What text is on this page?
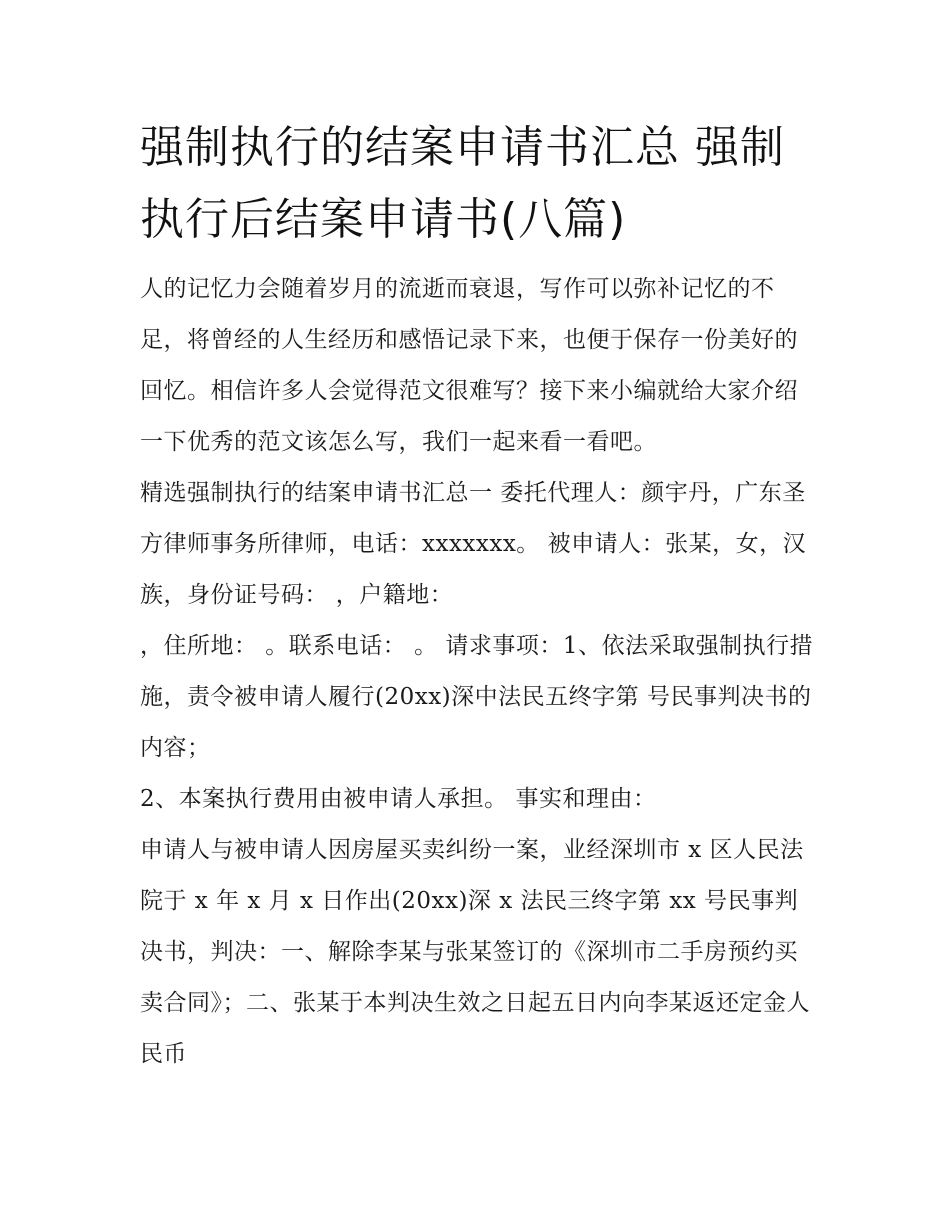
强制执行的结案申请书汇总 强制执行后结案申请书(八篇)

人的记忆力会随着岁月的流逝而衰退，写作可以弥补记忆的不足，将曾经的人生经历和感悟记录下来，也便于保存一份美好的回忆。相信许多人会觉得范文很难写？接下来小编就给大家介绍一下优秀的范文该怎么写，我们一起来看一看吧。

精选强制执行的结案申请书汇总一 委托代理人：颜宇丹，广东圣方律师事务所律师，电话：xxxxxxx。 被申请人：张某，女，汉族，身份证号码： ，户籍地：

，住所地： 。联系电话： 。 请求事项：1、依法采取强制执行措施，责令被申请人履行(20xx)深中法民五终字第 号民事判决书的内容；

2、本案执行费用由被申请人承担。 事实和理由：

申请人与被申请人因房屋买卖纠纷一案，业经深圳市 x 区人民法院于 x 年 x 月 x 日作出(20xx)深 x 法民三终字第 xx 号民事判决书，判决：一、解除李某与张某签订的《深圳市二手房预约买卖合同》；二、张某于本判决生效之日起五日内向李某返还定金人民币
